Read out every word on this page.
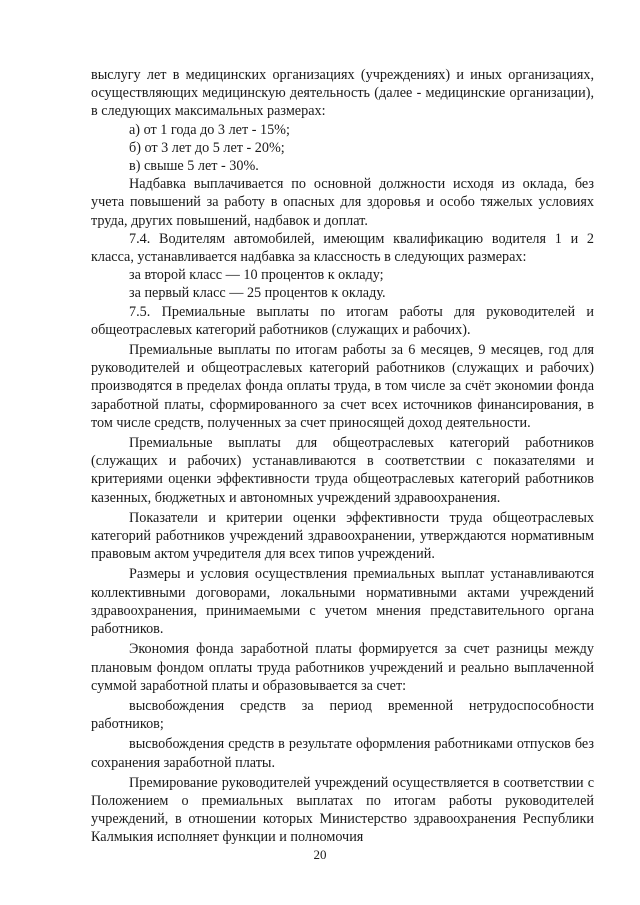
выслугу лет в медицинских организациях (учреждениях) и иных организациях, осуществляющих медицинскую деятельность (далее - медицинские организации), в следующих максимальных размерах:

а) от 1 года до 3 лет - 15%;

б) от 3 лет до 5 лет - 20%;

в) свыше 5 лет - 30%.

Надбавка выплачивается по основной должности исходя из оклада, без учета повышений за работу в опасных для здоровья и особо тяжелых условиях труда, других повышений, надбавок и доплат.

7.4. Водителям автомобилей, имеющим квалификацию водителя 1 и 2 класса, устанавливается надбавка за классность в следующих размерах:

за второй класс — 10 процентов к окладу;

за первый класс — 25 процентов к окладу.

7.5. Премиальные выплаты по итогам работы для руководителей и общеотраслевых категорий работников (служащих и рабочих).

Премиальные выплаты по итогам работы за 6 месяцев, 9 месяцев, год для руководителей и общеотраслевых категорий работников (служащих и рабочих) производятся в пределах фонда оплаты труда, в том числе за счёт экономии фонда заработной платы, сформированного за счет всех источников финансирования, в том числе средств, полученных за счет приносящей доход деятельности.

Премиальные выплаты для общеотраслевых категорий работников (служащих и рабочих) устанавливаются в соответствии с показателями и критериями оценки эффективности труда общеотраслевых категорий работников казенных, бюджетных и автономных учреждений здравоохранения.

Показатели и критерии оценки эффективности труда общеотраслевых категорий работников учреждений здравоохранении, утверждаются нормативным правовым актом учредителя для всех типов учреждений.

Размеры и условия осуществления премиальных выплат устанавливаются коллективными договорами, локальными нормативными актами учреждений здравоохранения, принимаемыми с учетом мнения представительного органа работников.

Экономия фонда заработной платы формируется за счет разницы между плановым фондом оплаты труда работников учреждений и реально выплаченной суммой заработной платы и образовывается за счет:

высвобождения средств за период временной нетрудоспособности работников;

высвобождения средств в результате оформления работниками отпусков без сохранения заработной платы.

Премирование руководителей учреждений осуществляется в соответствии с Положением о премиальных выплатах по итогам работы руководителей учреждений, в отношении которых Министерство здравоохранения Республики Калмыкия исполняет функции и полномочия

20
